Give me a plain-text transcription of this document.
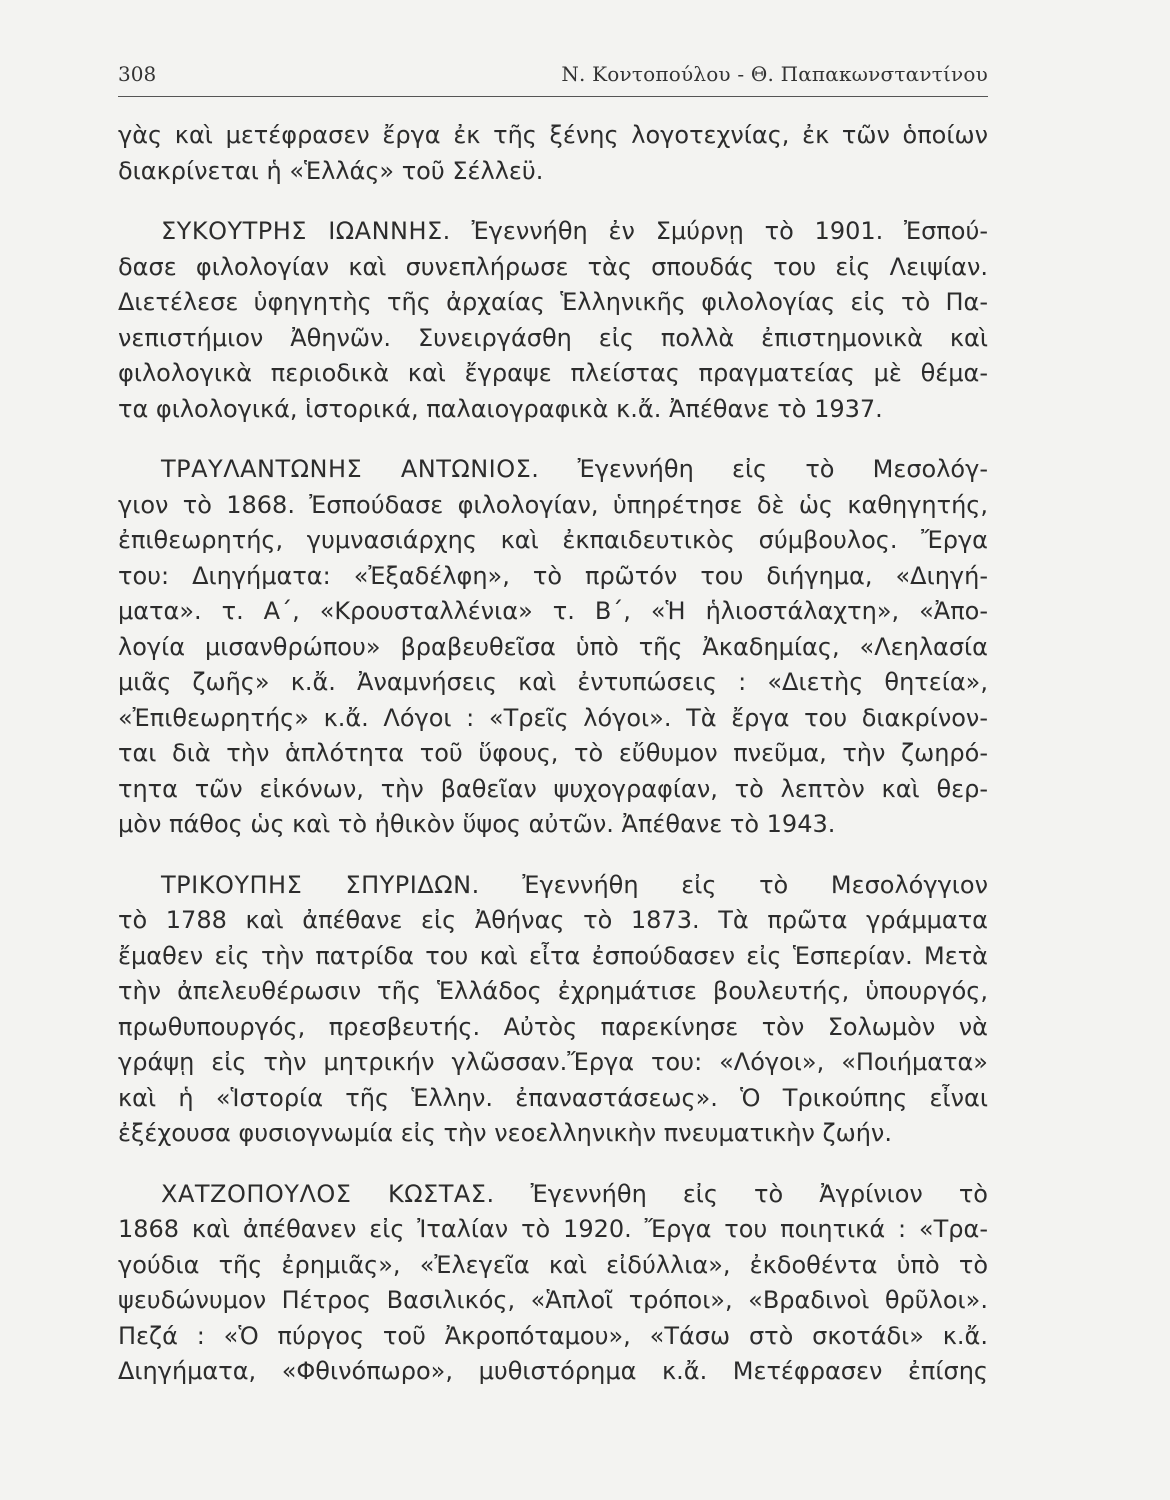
308	Ν. Κοντοπούλου - Θ. Παπακωνσταντίνου
γὰς καὶ μετέφρασεν ἔργα ἐκ τῆς ξένης λογοτεχνίας, ἐκ τῶν ὁποίων
διακρίνεται ἡ «Ἑλλάς» τοῦ Σέλλεϋ.
ΣΥΚΟΥΤΡΗΣ ΙΩΑΝΝΗΣ. Ἐγεννήθη ἐν Σμύρνῃ τὸ 1901. Ἐσπού-
δασε φιλολογίαν καὶ συνεπλήρωσε τὰς σπουδάς του εἰς Λειψίαν.
Διετέλεσε ὑφηγητὴς τῆς ἀρχαίας Ἑλληνικῆς φιλολογίας εἰς τὸ Πα-
νεπιστήμιον Ἀθηνῶν. Συνειργάσθη εἰς πολλὰ ἐπιστημονικὰ καὶ
φιλολογικὰ περιοδικὰ καὶ ἔγραψε πλείστας πραγματείας μὲ θέμα-
τα φιλολογικά, ἱστορικά, παλαιογραφικὰ κ.ἄ. Ἀπέθανε τὸ 1937.
ΤΡΑΥΛΑΝΤΩΝΗΣ ΑΝΤΩΝΙΟΣ. Ἐγεννήθη εἰς τὸ Μεσολόγ-
γιον τὸ 1868. Ἐσπούδασε φιλολογίαν, ὑπηρέτησε δὲ ὡς καθηγητής,
ἐπιθεωρητής, γυμνασιάρχης καὶ ἐκπαιδευτικὸς σύμβουλος. Ἔργα
του: Διηγήματα: «Ἐξαδέλφη», τὸ πρῶτόν του διήγημα, «Διηγή-
ματα». τ. Α΄, «Κρουσταλλένια» τ. Β΄, «Ἡ ἡλιοστάλαχτη», «Ἀπο-
λογία μισανθρώπου» βραβευθεῖσα ὑπὸ τῆς Ἀκαδημίας, «Λεηλασία
μιᾶς ζωῆς» κ.ἄ. Ἀναμνήσεις καὶ ἐντυπώσεις : «Διετὴς θητεία»,
«Ἐπιθεωρητής» κ.ἄ. Λόγοι : «Τρεῖς λόγοι». Τὰ ἔργα του διακρίνον-
ται διὰ τὴν ἁπλότητα τοῦ ὕφους, τὸ εὔθυμον πνεῦμα, τὴν ζωηρό-
τητα τῶν εἰκόνων, τὴν βαθεῖαν ψυχογραφίαν, τὸ λεπτὸν καὶ θερ-
μὸν πάθος ὡς καὶ τὸ ἠθικὸν ὕψος αὐτῶν. Ἀπέθανε τὸ 1943.
ΤΡΙΚΟΥΠΗΣ ΣΠΥΡΙΔΩΝ. Ἐγεννήθη εἰς τὸ Μεσολόγγιον
τὸ 1788 καὶ ἀπέθανε εἰς Ἀθήνας τὸ 1873. Τὰ πρῶτα γράμματα
ἔμαθεν εἰς τὴν πατρίδα του καὶ εἶτα ἐσπούδασεν εἰς Ἑσπερίαν. Μετὰ
τὴν ἀπελευθέρωσιν τῆς Ἑλλάδος ἐχρημάτισε βουλευτής, ὑπουργός,
πρωθυπουργός, πρεσβευτής. Αὐτὸς παρεκίνησε τὸν Σολωμὸν νὰ
γράψῃ εἰς τὴν μητρικήν γλῶσσαν.Ἔργα του: «Λόγοι», «Ποιήματα»
καὶ ἡ «Ἱστορία τῆς Ἑλλην. ἐπαναστάσεως». Ὁ Τρικούπης εἶναι
ἐξέχουσα φυσιογνωμία εἰς τὴν νεοελληνικὴν πνευματικὴν ζωήν.
ΧΑΤΖΟΠΟΥΛΟΣ ΚΩΣΤΑΣ. Ἐγεννήθη εἰς τὸ Ἀγρίνιον τὸ
1868 καὶ ἀπέθανεν εἰς Ἰταλίαν τὸ 1920. Ἔργα του ποιητικά : «Τρα-
γούδια τῆς ἐρημιᾶς», «Ἐλεγεῖα καὶ εἰδύλλια», ἐκδοθέντα ὑπὸ τὸ
ψευδώνυμον Πέτρος Βασιλικός, «Ἁπλοῖ τρόποι», «Βραδινοὶ θρῦλοι».
Πεζά : «Ὁ πύργος τοῦ Ἀκροπόταμου», «Τάσω στὸ σκοτάδι» κ.ἄ.
Διηγήματα, «Φθινόπωρο», μυθιστόρημα κ.ἄ. Μετέφρασεν ἐπίσης
